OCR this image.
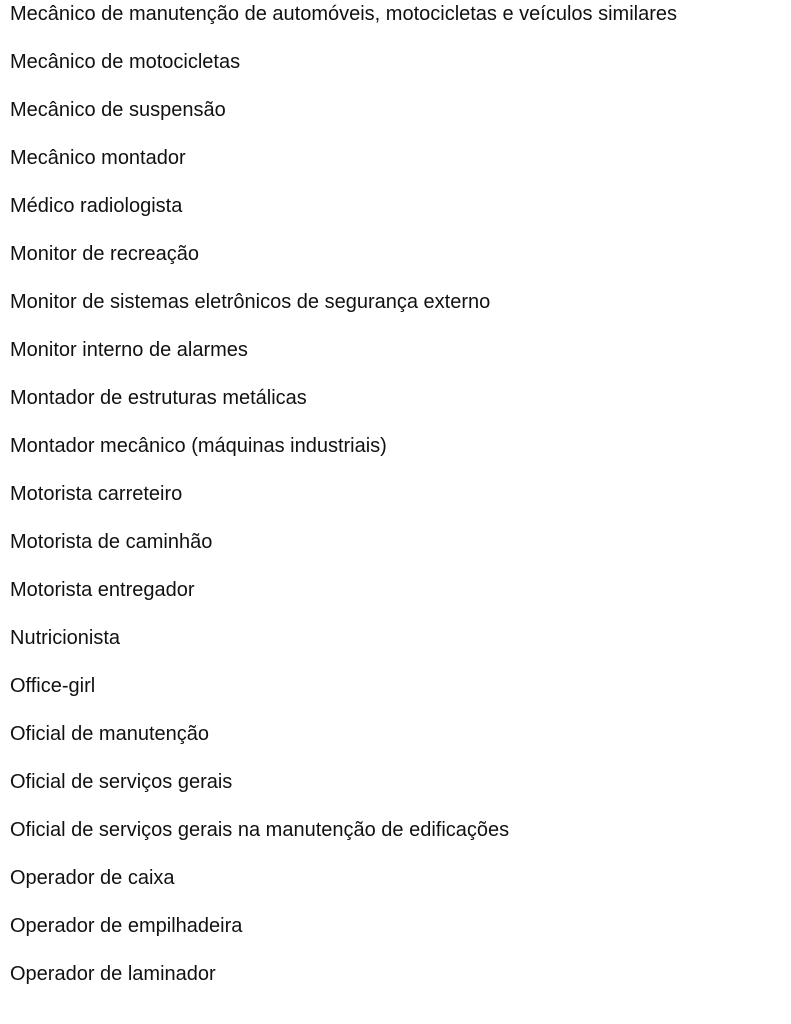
Mecânico de manutenção de automóveis, motocicletas e veículos similares
Mecânico de motocicletas
Mecânico de suspensão
Mecânico montador
Médico radiologista
Monitor de recreação
Monitor de sistemas eletrônicos de segurança externo
Monitor interno de alarmes
Montador de estruturas metálicas
Montador mecânico (máquinas industriais)
Motorista carreteiro
Motorista de caminhão
Motorista entregador
Nutricionista
Office-girl
Oficial de manutenção
Oficial de serviços gerais
Oficial de serviços gerais na manutenção de edificações
Operador de caixa
Operador de empilhadeira
Operador de laminador
